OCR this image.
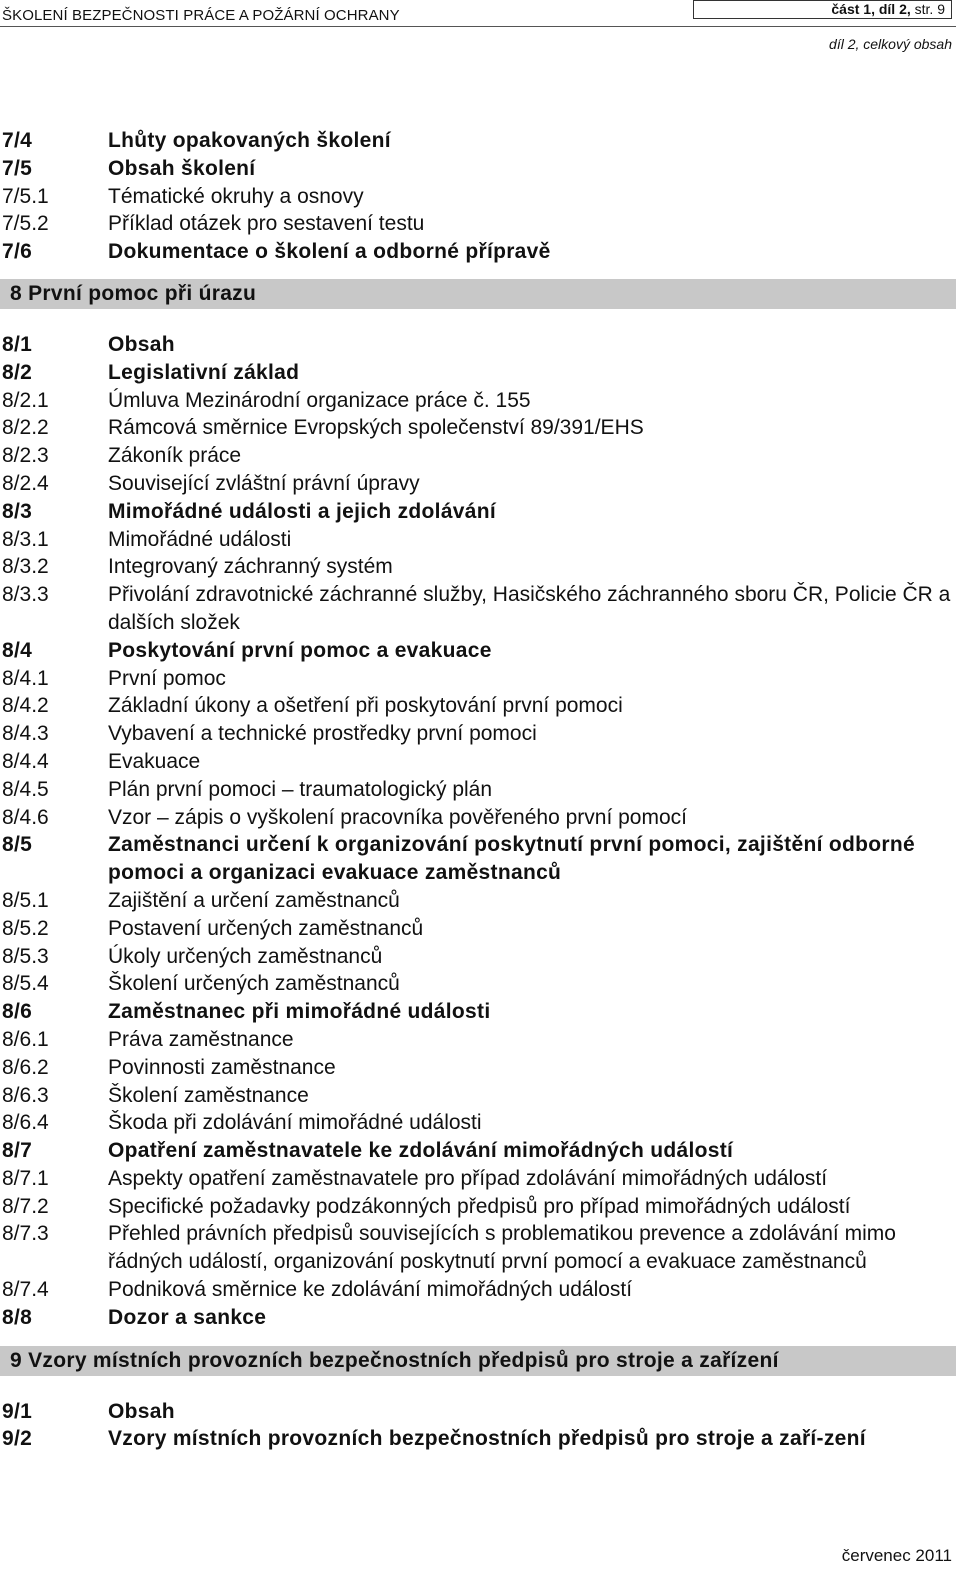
ŠKOLENÍ BEZPEČNOSTI PRÁCE A POŽÁRNÍ OCHRANY	část 1, díl 2, str. 9
díl 2, celkový obsah
7/4	Lhůty opakovaných školení
7/5	Obsah školení
7/5.1	Tématické okruhy a osnovy
7/5.2	Příklad otázek pro sestavení testu
7/6	Dokumentace o školení a odborné přípravě
8 První pomoc při úrazu
8/1	Obsah
8/2	Legislativní základ
8/2.1	Úmluva Mezinárodní organizace práce č. 155
8/2.2	Rámcová směrnice Evropských společenství 89/391/EHS
8/2.3	Zákoník práce
8/2.4	Související zvláštní právní úpravy
8/3	Mimořádné události a jejich zdolávání
8/3.1	Mimořádné události
8/3.2	Integrovaný záchranný systém
8/3.3	Přivolání zdravotnické záchranné služby, Hasičského záchranného sboru ČR, Policie ČR a dalších složek
8/4	Poskytování první pomoc a evakuace
8/4.1	První pomoc
8/4.2	Základní úkony a ošetření při poskytování první pomoci
8/4.3	Vybavení a technické prostředky první pomoci
8/4.4	Evakuace
8/4.5	Plán první pomoci – traumatologický plán
8/4.6	Vzor – zápis o vyškolení pracovníka pověřeného první pomocí
8/5	Zaměstnanci určení k organizování poskytnutí první pomoci, zajištění odborné pomoci a organizaci evakuace zaměstnanců
8/5.1	Zajištění a určení zaměstnanců
8/5.2	Postavení určených zaměstnanců
8/5.3	Úkoly určených zaměstnanců
8/5.4	Školení určených zaměstnanců
8/6	Zaměstnanec při mimořádné události
8/6.1	Práva zaměstnance
8/6.2	Povinnosti zaměstnance
8/6.3	Školení zaměstnance
8/6.4	Škoda při zdolávání mimořádné události
8/7	Opatření zaměstnavatele ke zdolávání mimořádných událostí
8/7.1	Aspekty opatření zaměstnavatele pro případ zdolávání mimořádných událostí
8/7.2	Specifické požadavky podzákonných předpisů pro případ mimořádných událostí
8/7.3	Přehled právních předpisů souvisejících s problematikou prevence a zdolávání mimo řádných událostí, organizování poskytnutí první pomocí a evakuace zaměstnanců
8/7.4	Podniková směrnice ke zdolávání mimořádných událostí
8/8	Dozor a sankce
9 Vzory místních provozních bezpečnostních předpisů pro stroje a zařízení
9/1	Obsah
9/2	Vzory místních provozních bezpečnostních předpisů pro stroje a zaří-zení
červenec 2011
